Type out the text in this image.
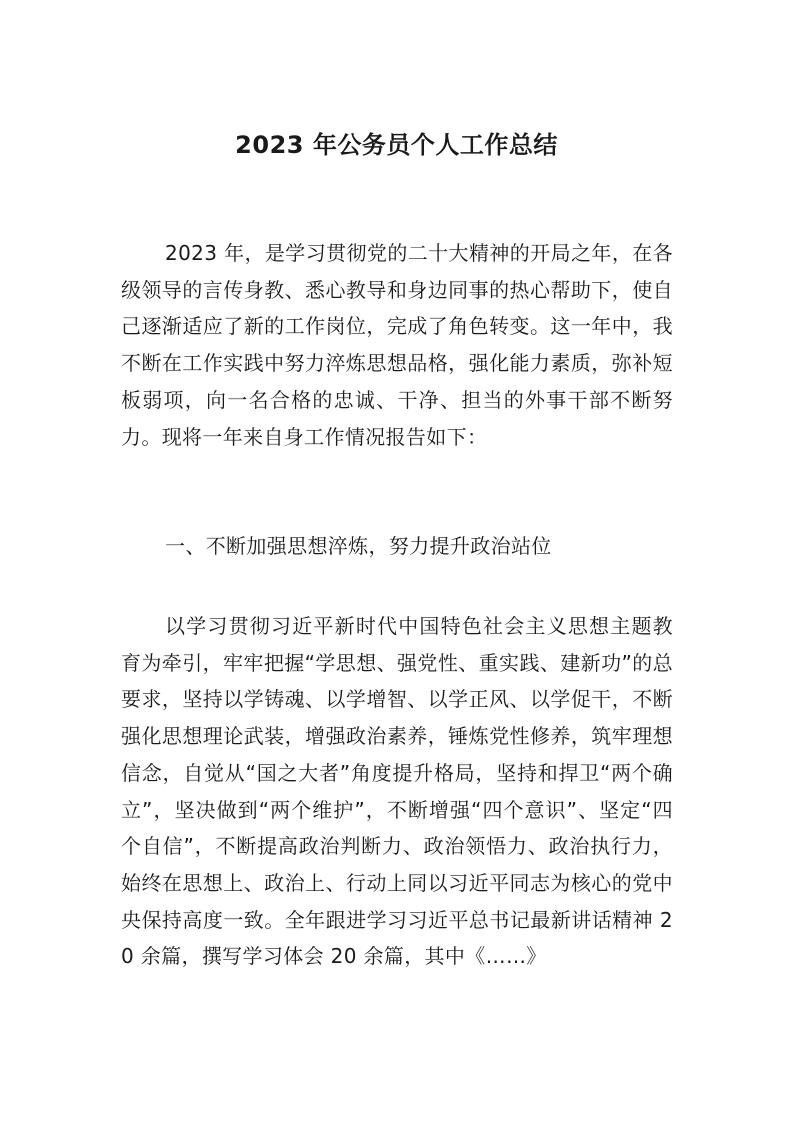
2023 年公务员个人工作总结

2023 年，是学习贯彻党的二十大精神的开局之年，在各级领导的言传身教、悉心教导和身边同事的热心帮助下，使自己逐渐适应了新的工作岗位，完成了角色转变。这一年中，我不断在工作实践中努力淬炼思想品格，强化能力素质，弥补短板弱项，向一名合格的忠诚、干净、担当的外事干部不断努力。现将一年来自身工作情况报告如下：

一、不断加强思想淬炼，努力提升政治站位

以学习贯彻习近平新时代中国特色社会主义思想主题教育为牵引，牢牢把握“学思想、强党性、重实践、建新功”的总要求，坚持以学铸魂、以学增智、以学正风、以学促干，不断强化思想理论武装，增强政治素养，锤炼党性修养，筑牢理想信念，自觉从“国之大者”角度提升格局，坚持和捍卫“两个确立”，坚决做到“两个维护”，不断增强“四个意识”、坚定“四个自信”，不断提高政治判断力、政治领悟力、政治执行力，始终在思想上、政治上、行动上同以习近平同志为核心的党中央保持高度一致。全年跟进学习习近平总书记最新讲话精神 20 余篇，撰写学习体会 20 余篇，其中《……》
